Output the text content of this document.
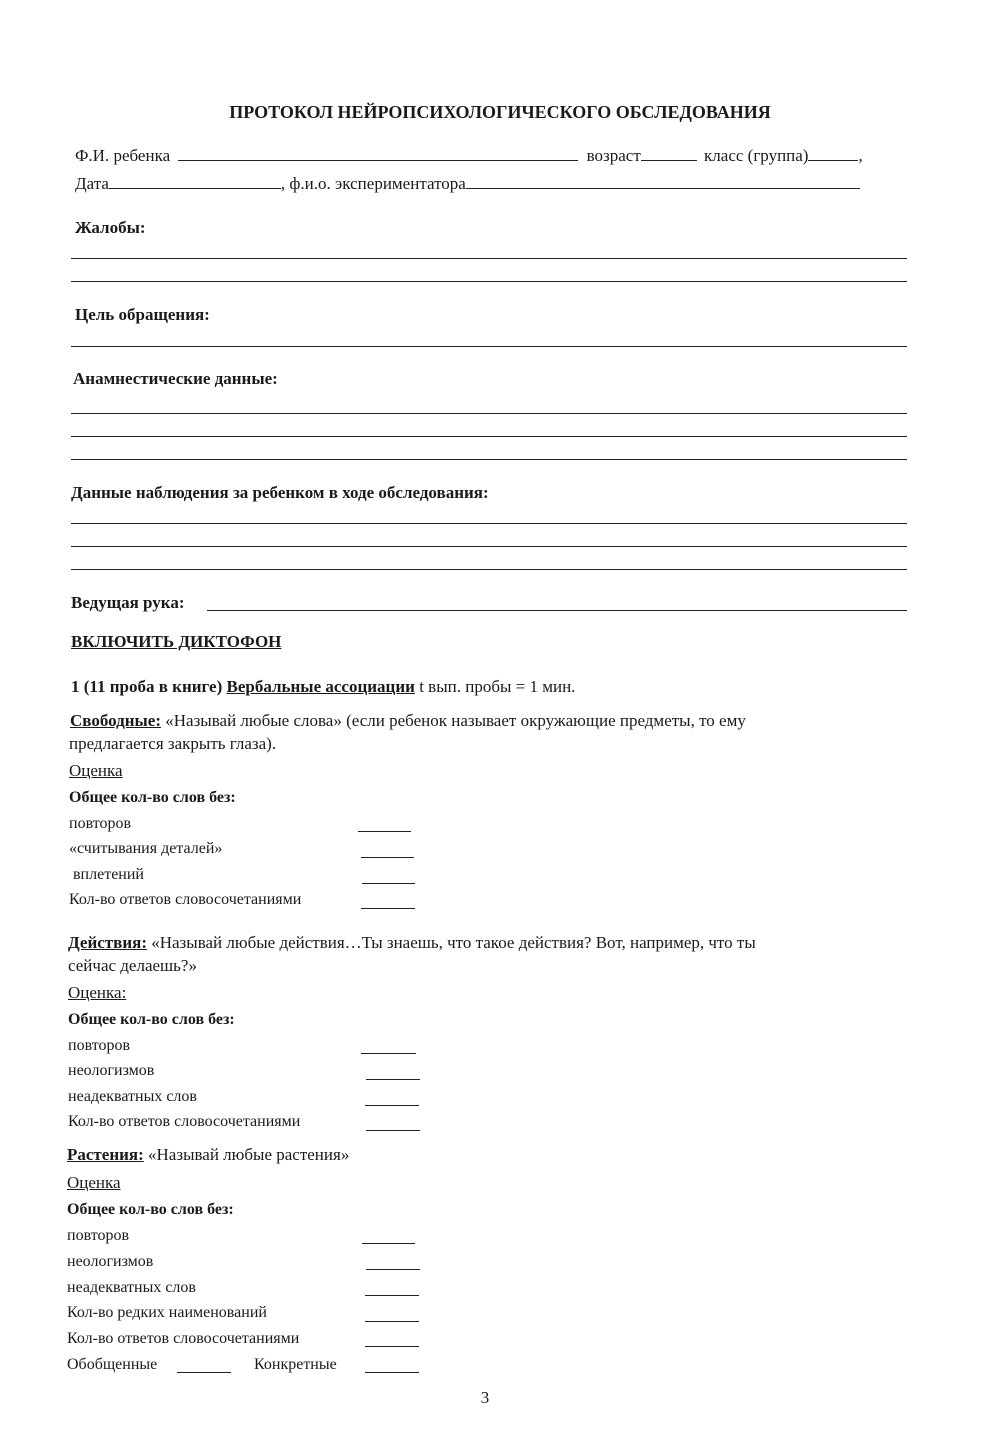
ПРОТОКОЛ НЕЙРОПСИХОЛОГИЧЕСКОГО ОБСЛЕДОВАНИЯ
Ф.И. ребенка	возраст	класс (группа)	,
Дата	, ф.и.о. экспериментатора
Жалобы:
Цель обращения:
Анамнестические данные:
Данные наблюдения за ребенком в ходе обследования:
Ведущая рука:
ВКЛЮЧИТЬ ДИКТОФОН
1 (11 проба в книге) Вербальные ассоциации t вып. пробы = 1 мин.
Свободные: «Называй любые слова» (если ребенок называет окружающие предметы, то ему
предлагается закрыть глаза).
Оценка
Общее кол-во слов без:
повторов
«считывания деталей»
вплетений
Кол-во ответов словосочетаниями
Действия: «Называй любые действия…Ты знаешь, что такое действия? Вот, например, что ты
сейчас делаешь?»
Оценка:
Общее кол-во слов без:
повторов
неологизмов
неадекватных слов
Кол-во ответов словосочетаниями
Растения: «Называй любые растения»
Оценка
Общее кол-во слов без:
повторов
неологизмов
неадекватных слов
Кол-во редких наименований
Кол-во ответов словосочетаниями
Обобщенные	Конкретные
3
